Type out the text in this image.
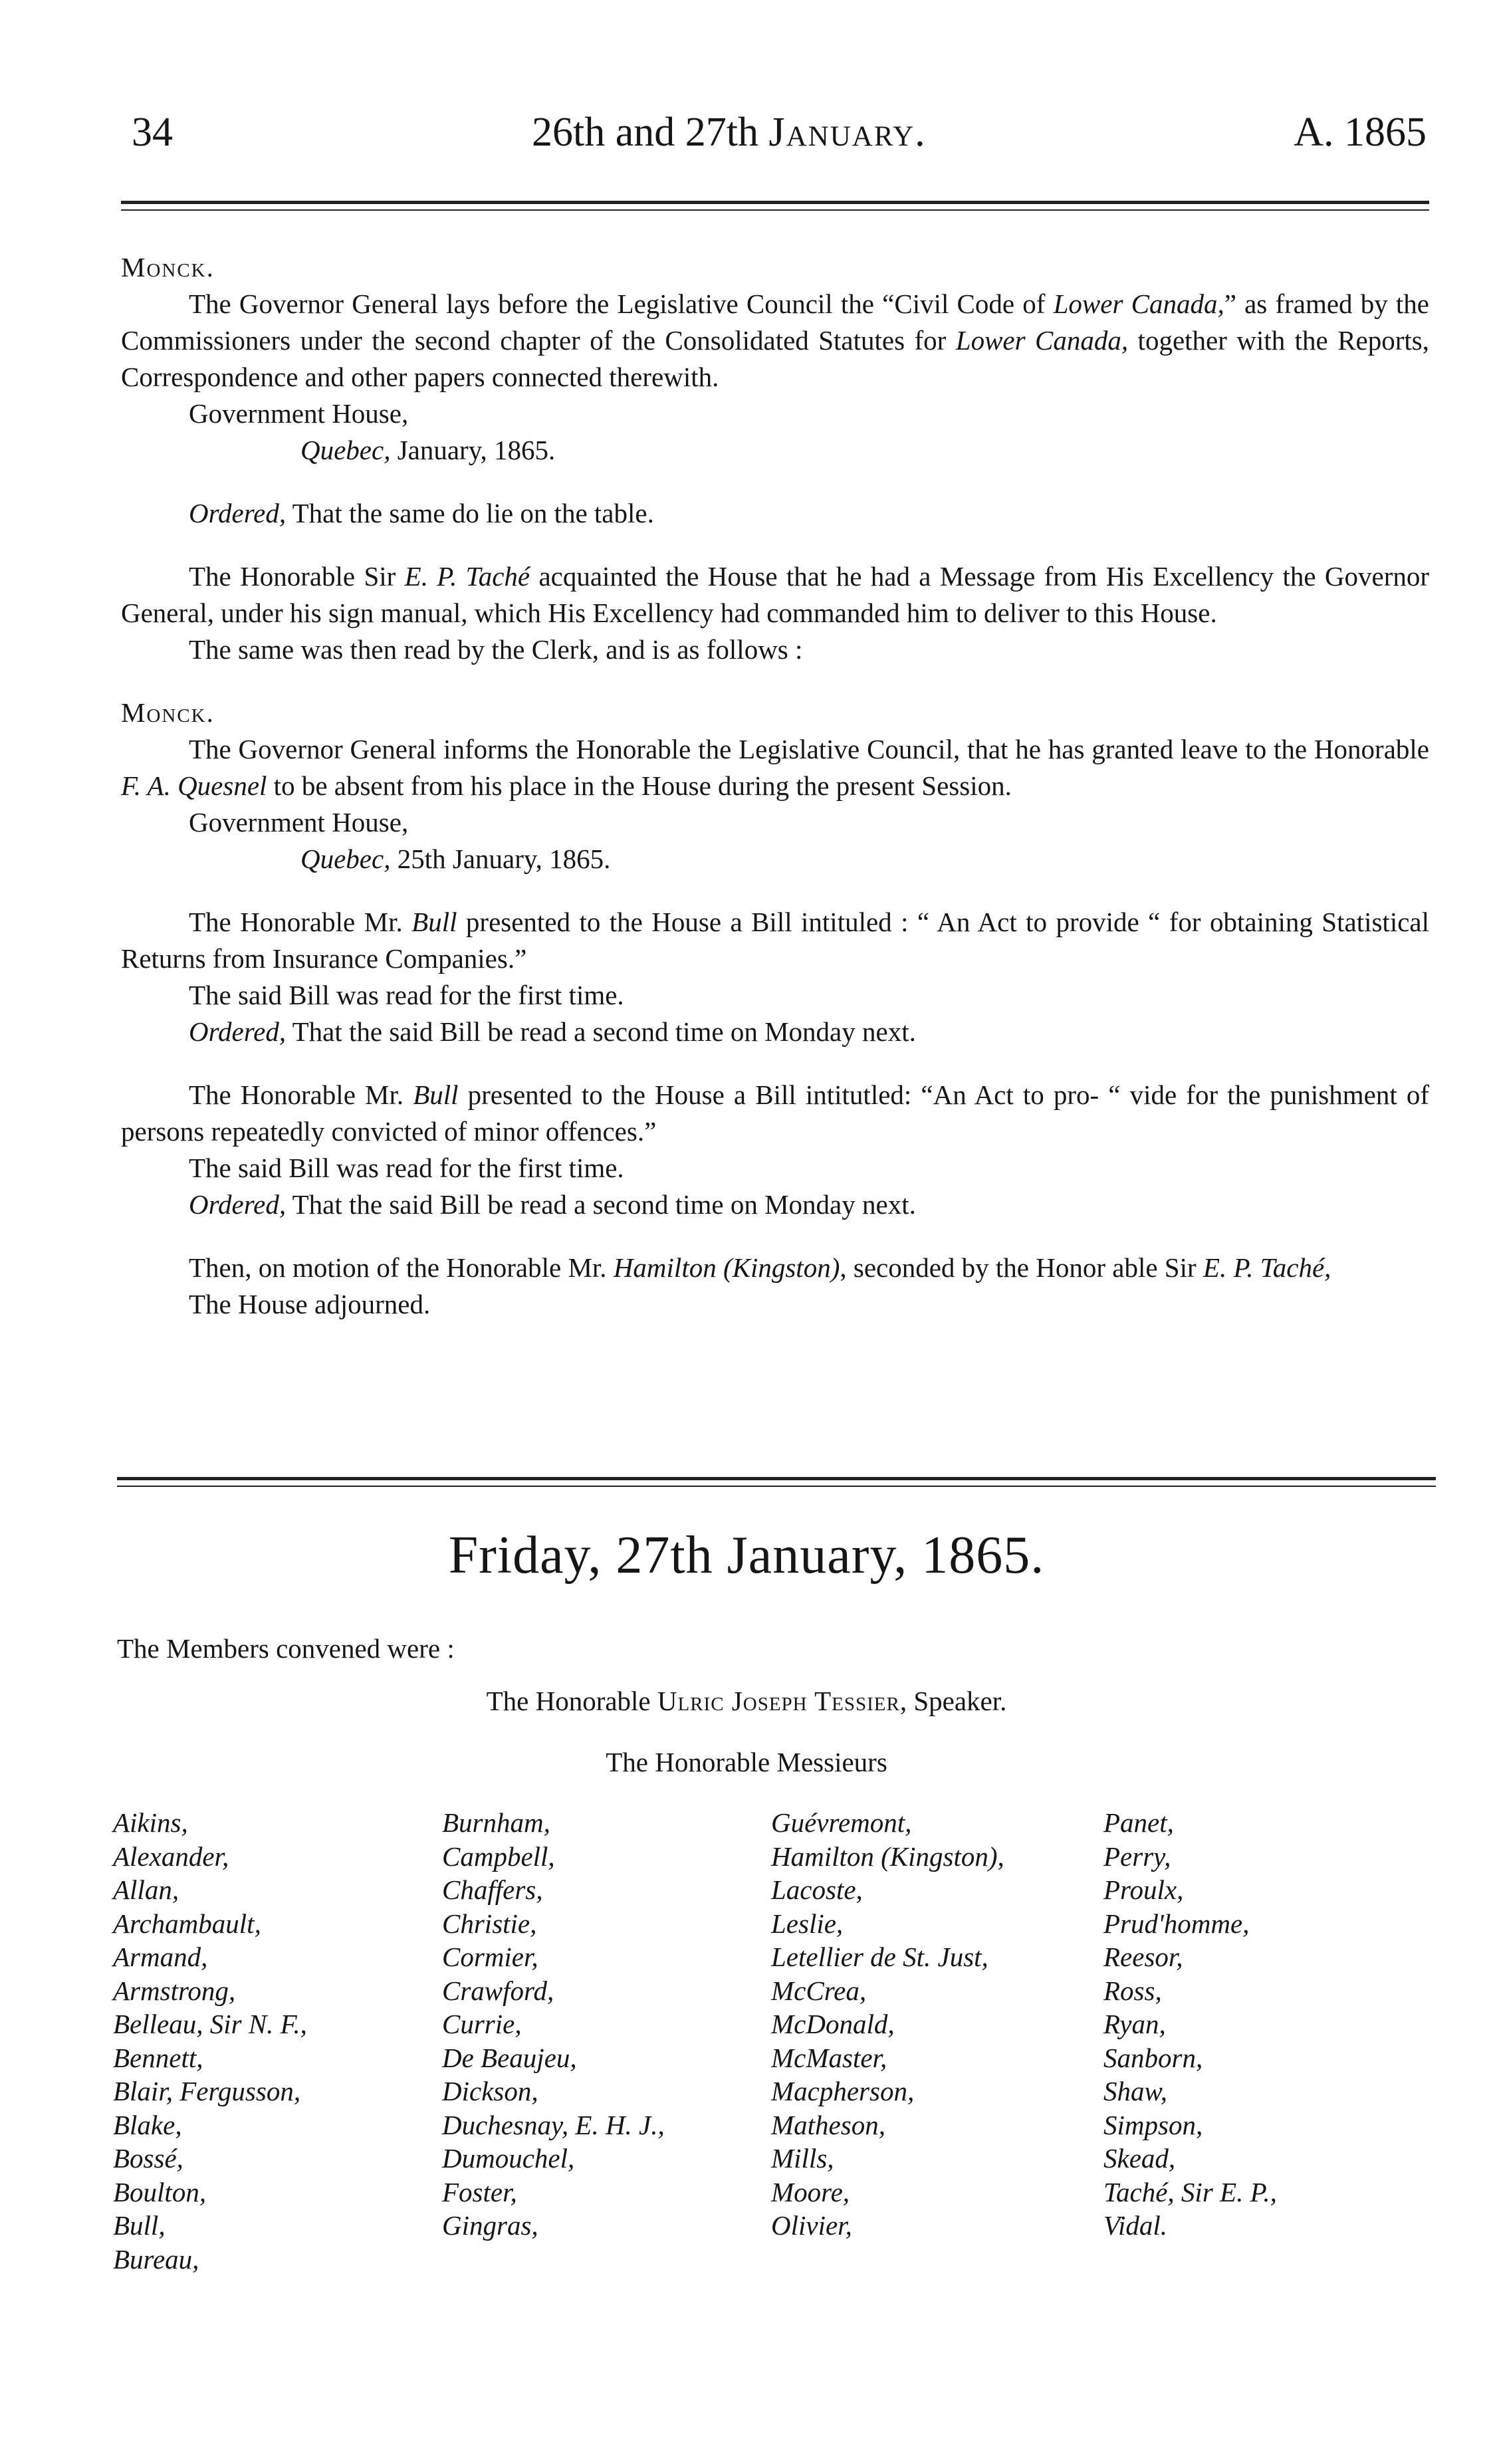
34	26th and 27th January.	A. 1865

Monck.

The Governor General lays before the Legislative Council the “Civil Code of Lower Canada,” as framed by the Commissioners under the second chapter of the Consolidated Statutes for Lower Canada, together with the Reports, Correspondence and other papers connected therewith.

Government House,

Quebec, January, 1865.

Ordered, That the same do lie on the table.

The Honorable Sir E. P. Taché acquainted the House that he had a Message from His Excellency the Governor General, under his sign manual, which His Excellency had commanded him to deliver to this House.

The same was then read by the Clerk, and is as follows :

Monck.

The Governor General informs the Honorable the Legislative Council, that he has granted leave to the Honorable F. A. Quesnel to be absent from his place in the House during the present Session.

Government House,

Quebec, 25th January, 1865.

The Honorable Mr. Bull presented to the House a Bill intituled : “ An Act to provide “ for obtaining Statistical Returns from Insurance Companies.”

The said Bill was read for the first time.

Ordered, That the said Bill be read a second time on Monday next.

The Honorable Mr. Bull presented to the House a Bill intitutled: “An Act to pro- “ vide for the punishment of persons repeatedly convicted of minor offences.”

The said Bill was read for the first time.

Ordered, That the said Bill be read a second time on Monday next.

Then, on motion of the Honorable Mr. Hamilton (Kingston), seconded by the Honor able Sir E. P. Taché,

The House adjourned.

Friday, 27th January, 1865.
The Members convened were :
The Honorable Ulric Joseph Tessier, Speaker.
The Honorable Messieurs
Aikins,
Alexander,
Allan,
Archambault,
Armand,
Armstrong,
Belleau, Sir N. F.,
Bennett,
Blair, Fergusson,
Blake,
Bossé,
Boulton,
Bull,
Bureau,
Burnham,
Campbell,
Chaffers,
Christie,
Cormier,
Crawford,
Currie,
De Beaujeu,
Dickson,
Duchesnay, E. H. J.,
Dumouchel,
Foster,
Gingras,
Guévremont,
Hamilton (Kingston),
Lacoste,
Leslie,
Letellier de St. Just,
McCrea,
McDonald,
McMaster,
Macpherson,
Matheson,
Mills,
Moore,
Olivier,
Panet,
Perry,
Proulx,
Prud'homme,
Reesor,
Ross,
Ryan,
Sanborn,
Shaw,
Simpson,
Skead,
Taché, Sir E. P.,
Vidal.
